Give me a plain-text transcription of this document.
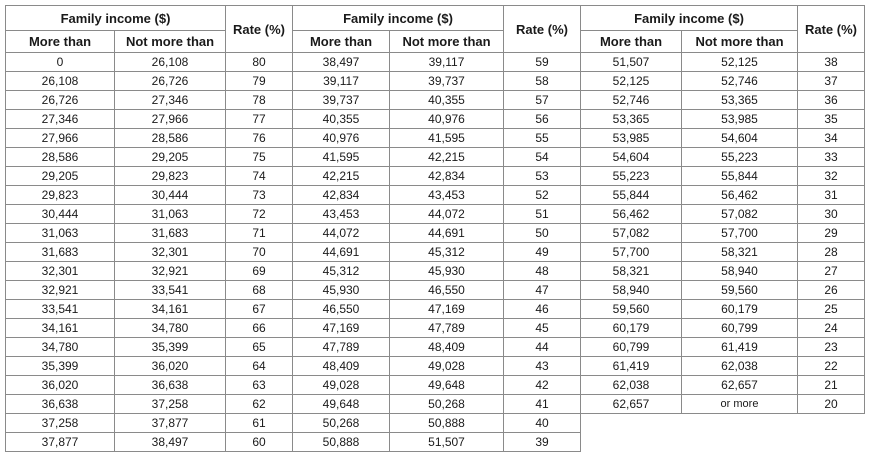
Family income ($)		Rate (%)	Family income ($)		Rate (%)	Family income ($)		Rate (%)
More than	Not more than		More than	Not more than		More than	Not more than	
0	26,108	80	38,497	39,117	59	51,507	52,125	38
26,108	26,726	79	39,117	39,737	58	52,125	52,746	37
26,726	27,346	78	39,737	40,355	57	52,746	53,365	36
27,346	27,966	77	40,355	40,976	56	53,365	53,985	35
27,966	28,586	76	40,976	41,595	55	53,985	54,604	34
28,586	29,205	75	41,595	42,215	54	54,604	55,223	33
29,205	29,823	74	42,215	42,834	53	55,223	55,844	32
29,823	30,444	73	42,834	43,453	52	55,844	56,462	31
30,444	31,063	72	43,453	44,072	51	56,462	57,082	30
31,063	31,683	71	44,072	44,691	50	57,082	57,700	29
31,683	32,301	70	44,691	45,312	49	57,700	58,321	28
32,301	32,921	69	45,312	45,930	48	58,321	58,940	27
32,921	33,541	68	45,930	46,550	47	58,940	59,560	26
33,541	34,161	67	46,550	47,169	46	59,560	60,179	25
34,161	34,780	66	47,169	47,789	45	60,179	60,799	24
34,780	35,399	65	47,789	48,409	44	60,799	61,419	23
35,399	36,020	64	48,409	49,028	43	61,419	62,038	22
36,020	36,638	63	49,028	49,648	42	62,038	62,657	21
36,638	37,258	62	49,648	50,268	41	62,657	or more	20
37,258	37,877	61	50,268	50,888	40			
37,877	38,497	60	50,888	51,507	39			
